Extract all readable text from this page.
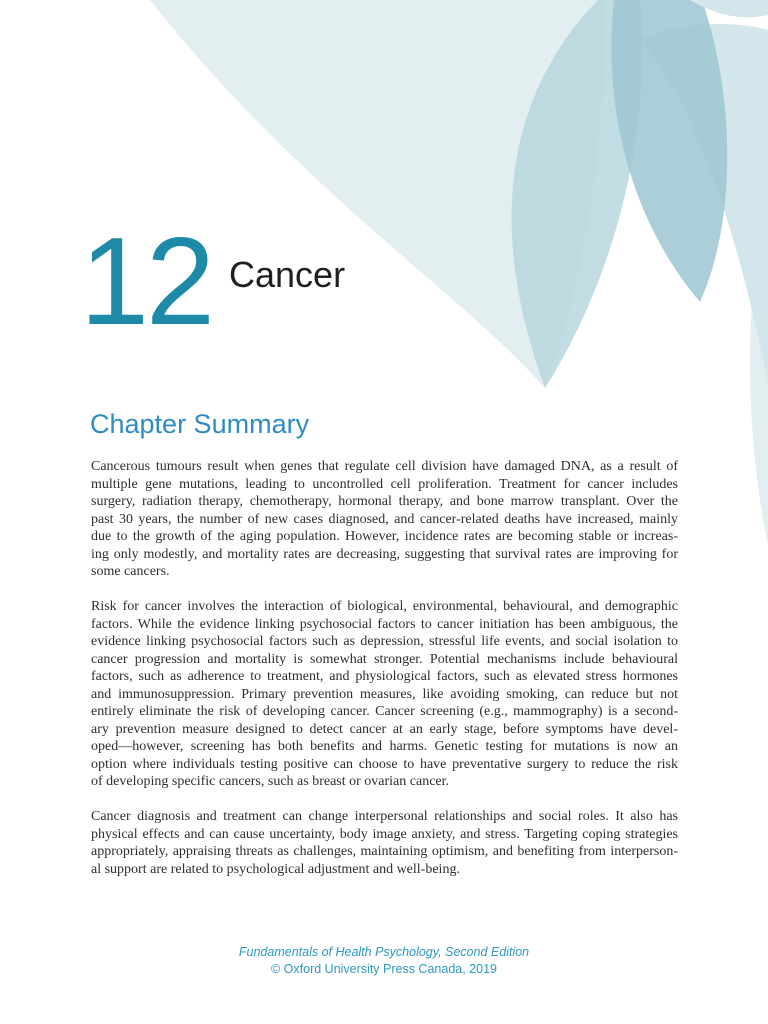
12 Cancer
Chapter Summary
Cancerous tumours result when genes that regulate cell division have damaged DNA, as a result of
multiple gene mutations, leading to uncontrolled cell proliferation. Treatment for cancer includes
surgery, radiation therapy, chemotherapy, hormonal therapy, and bone marrow transplant. Over the
past 30 years, the number of new cases diagnosed, and cancer-related deaths have increased, mainly
due to the growth of the aging population. However, incidence rates are becoming stable or increas-
ing only modestly, and mortality rates are decreasing, suggesting that survival rates are improving for
some cancers.
Risk for cancer involves the interaction of biological, environmental, behavioural, and demographic
factors. While the evidence linking psychosocial factors to cancer initiation has been ambiguous, the
evidence linking psychosocial factors such as depression, stressful life events, and social isolation to
cancer progression and mortality is somewhat stronger. Potential mechanisms include behavioural
factors, such as adherence to treatment, and physiological factors, such as elevated stress hormones
and immunosuppression. Primary prevention measures, like avoiding smoking, can reduce but not
entirely eliminate the risk of developing cancer. Cancer screening (e.g., mammography) is a second-
ary prevention measure designed to detect cancer at an early stage, before symptoms have devel-
oped—however, screening has both benefits and harms. Genetic testing for mutations is now an
option where individuals testing positive can choose to have preventative surgery to reduce the risk
of developing specific cancers, such as breast or ovarian cancer.
Cancer diagnosis and treatment can change interpersonal relationships and social roles. It also has
physical effects and can cause uncertainty, body image anxiety, and stress. Targeting coping strategies
appropriately, appraising threats as challenges, maintaining optimism, and benefiting from interperson-
al support are related to psychological adjustment and well-being.
Fundamentals of Health Psychology, Second Edition
© Oxford University Press Canada, 2019
